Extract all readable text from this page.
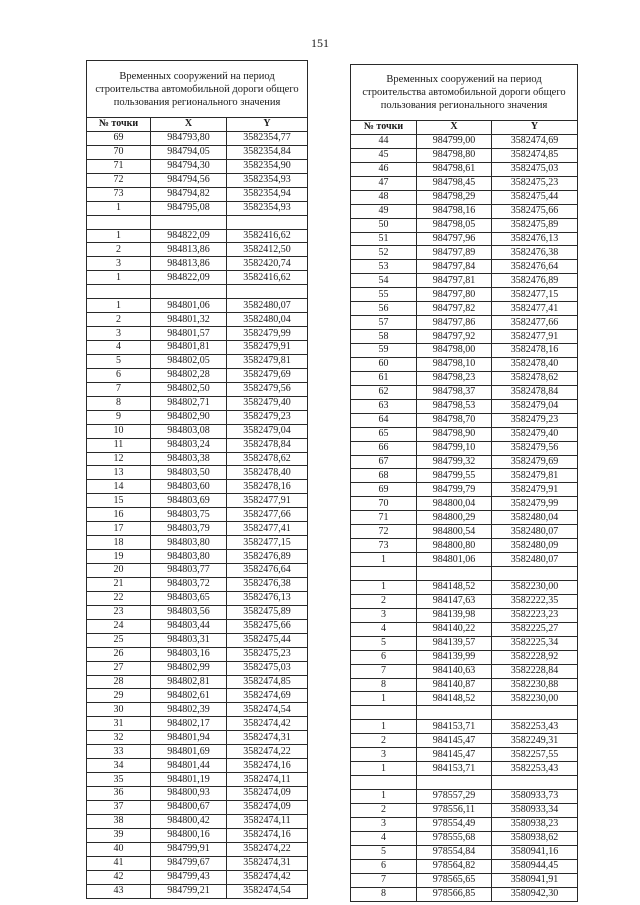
151
Временных сооружений на период строительства автомобильной дороги общего пользования регионального значения		
№ точки	X	Y
69	984793,80	3582354,77
70	984794,05	3582354,84
71	984794,30	3582354,90
72	984794,56	3582354,93
73	984794,82	3582354,94
1	984795,08	3582354,93

1	984822,09	3582416,62
2	984813,86	3582412,50
3	984813,86	3582420,74
1	984822,09	3582416,62

1	984801,06	3582480,07
2	984801,32	3582480,04
3	984801,57	3582479,99
4	984801,81	3582479,91
5	984802,05	3582479,81
6	984802,28	3582479,69
7	984802,50	3582479,56
8	984802,71	3582479,40
9	984802,90	3582479,23
10	984803,08	3582479,04
11	984803,24	3582478,84
12	984803,38	3582478,62
13	984803,50	3582478,40
14	984803,60	3582478,16
15	984803,69	3582477,91
16	984803,75	3582477,66
17	984803,79	3582477,41
18	984803,80	3582477,15
19	984803,80	3582476,89
20	984803,77	3582476,64
21	984803,72	3582476,38
22	984803,65	3582476,13
23	984803,56	3582475,89
24	984803,44	3582475,66
25	984803,31	3582475,44
26	984803,16	3582475,23
27	984802,99	3582475,03
28	984802,81	3582474,85
29	984802,61	3582474,69
30	984802,39	3582474,54
31	984802,17	3582474,42
32	984801,94	3582474,31
33	984801,69	3582474,22
34	984801,44	3582474,16
35	984801,19	3582474,11
36	984800,93	3582474,09
37	984800,67	3582474,09
38	984800,42	3582474,11
39	984800,16	3582474,16
40	984799,91	3582474,22
41	984799,67	3582474,31
42	984799,43	3582474,42
43	984799,21	3582474,54
Временных сооружений на период строительства автомобильной дороги общего пользования регионального значения		
№ точки	X	Y
44	984799,00	3582474,69
45	984798,80	3582474,85
46	984798,61	3582475,03
47	984798,45	3582475,23
48	984798,29	3582475,44
49	984798,16	3582475,66
50	984798,05	3582475,89
51	984797,96	3582476,13
52	984797,89	3582476,38
53	984797,84	3582476,64
54	984797,81	3582476,89
55	984797,80	3582477,15
56	984797,82	3582477,41
57	984797,86	3582477,66
58	984797,92	3582477,91
59	984798,00	3582478,16
60	984798,10	3582478,40
61	984798,23	3582478,62
62	984798,37	3582478,84
63	984798,53	3582479,04
64	984798,70	3582479,23
65	984798,90	3582479,40
66	984799,10	3582479,56
67	984799,32	3582479,69
68	984799,55	3582479,81
69	984799,79	3582479,91
70	984800,04	3582479,99
71	984800,29	3582480,04
72	984800,54	3582480,07
73	984800,80	3582480,09
1	984801,06	3582480,07

1	984148,52	3582230,00
2	984147,63	3582222,35
3	984139,98	3582223,23
4	984140,22	3582225,27
5	984139,57	3582225,34
6	984139,99	3582228,92
7	984140,63	3582228,84
8	984140,87	3582230,88
1	984148,52	3582230,00

1	984153,71	3582253,43
2	984145,47	3582249,31
3	984145,47	3582257,55
1	984153,71	3582253,43

1	978557,29	3580933,73
2	978556,11	3580933,34
3	978554,49	3580938,23
4	978555,68	3580938,62
5	978554,84	3580941,16
6	978564,82	3580944,45
7	978565,65	3580941,91
8	978566,85	3580942,30
